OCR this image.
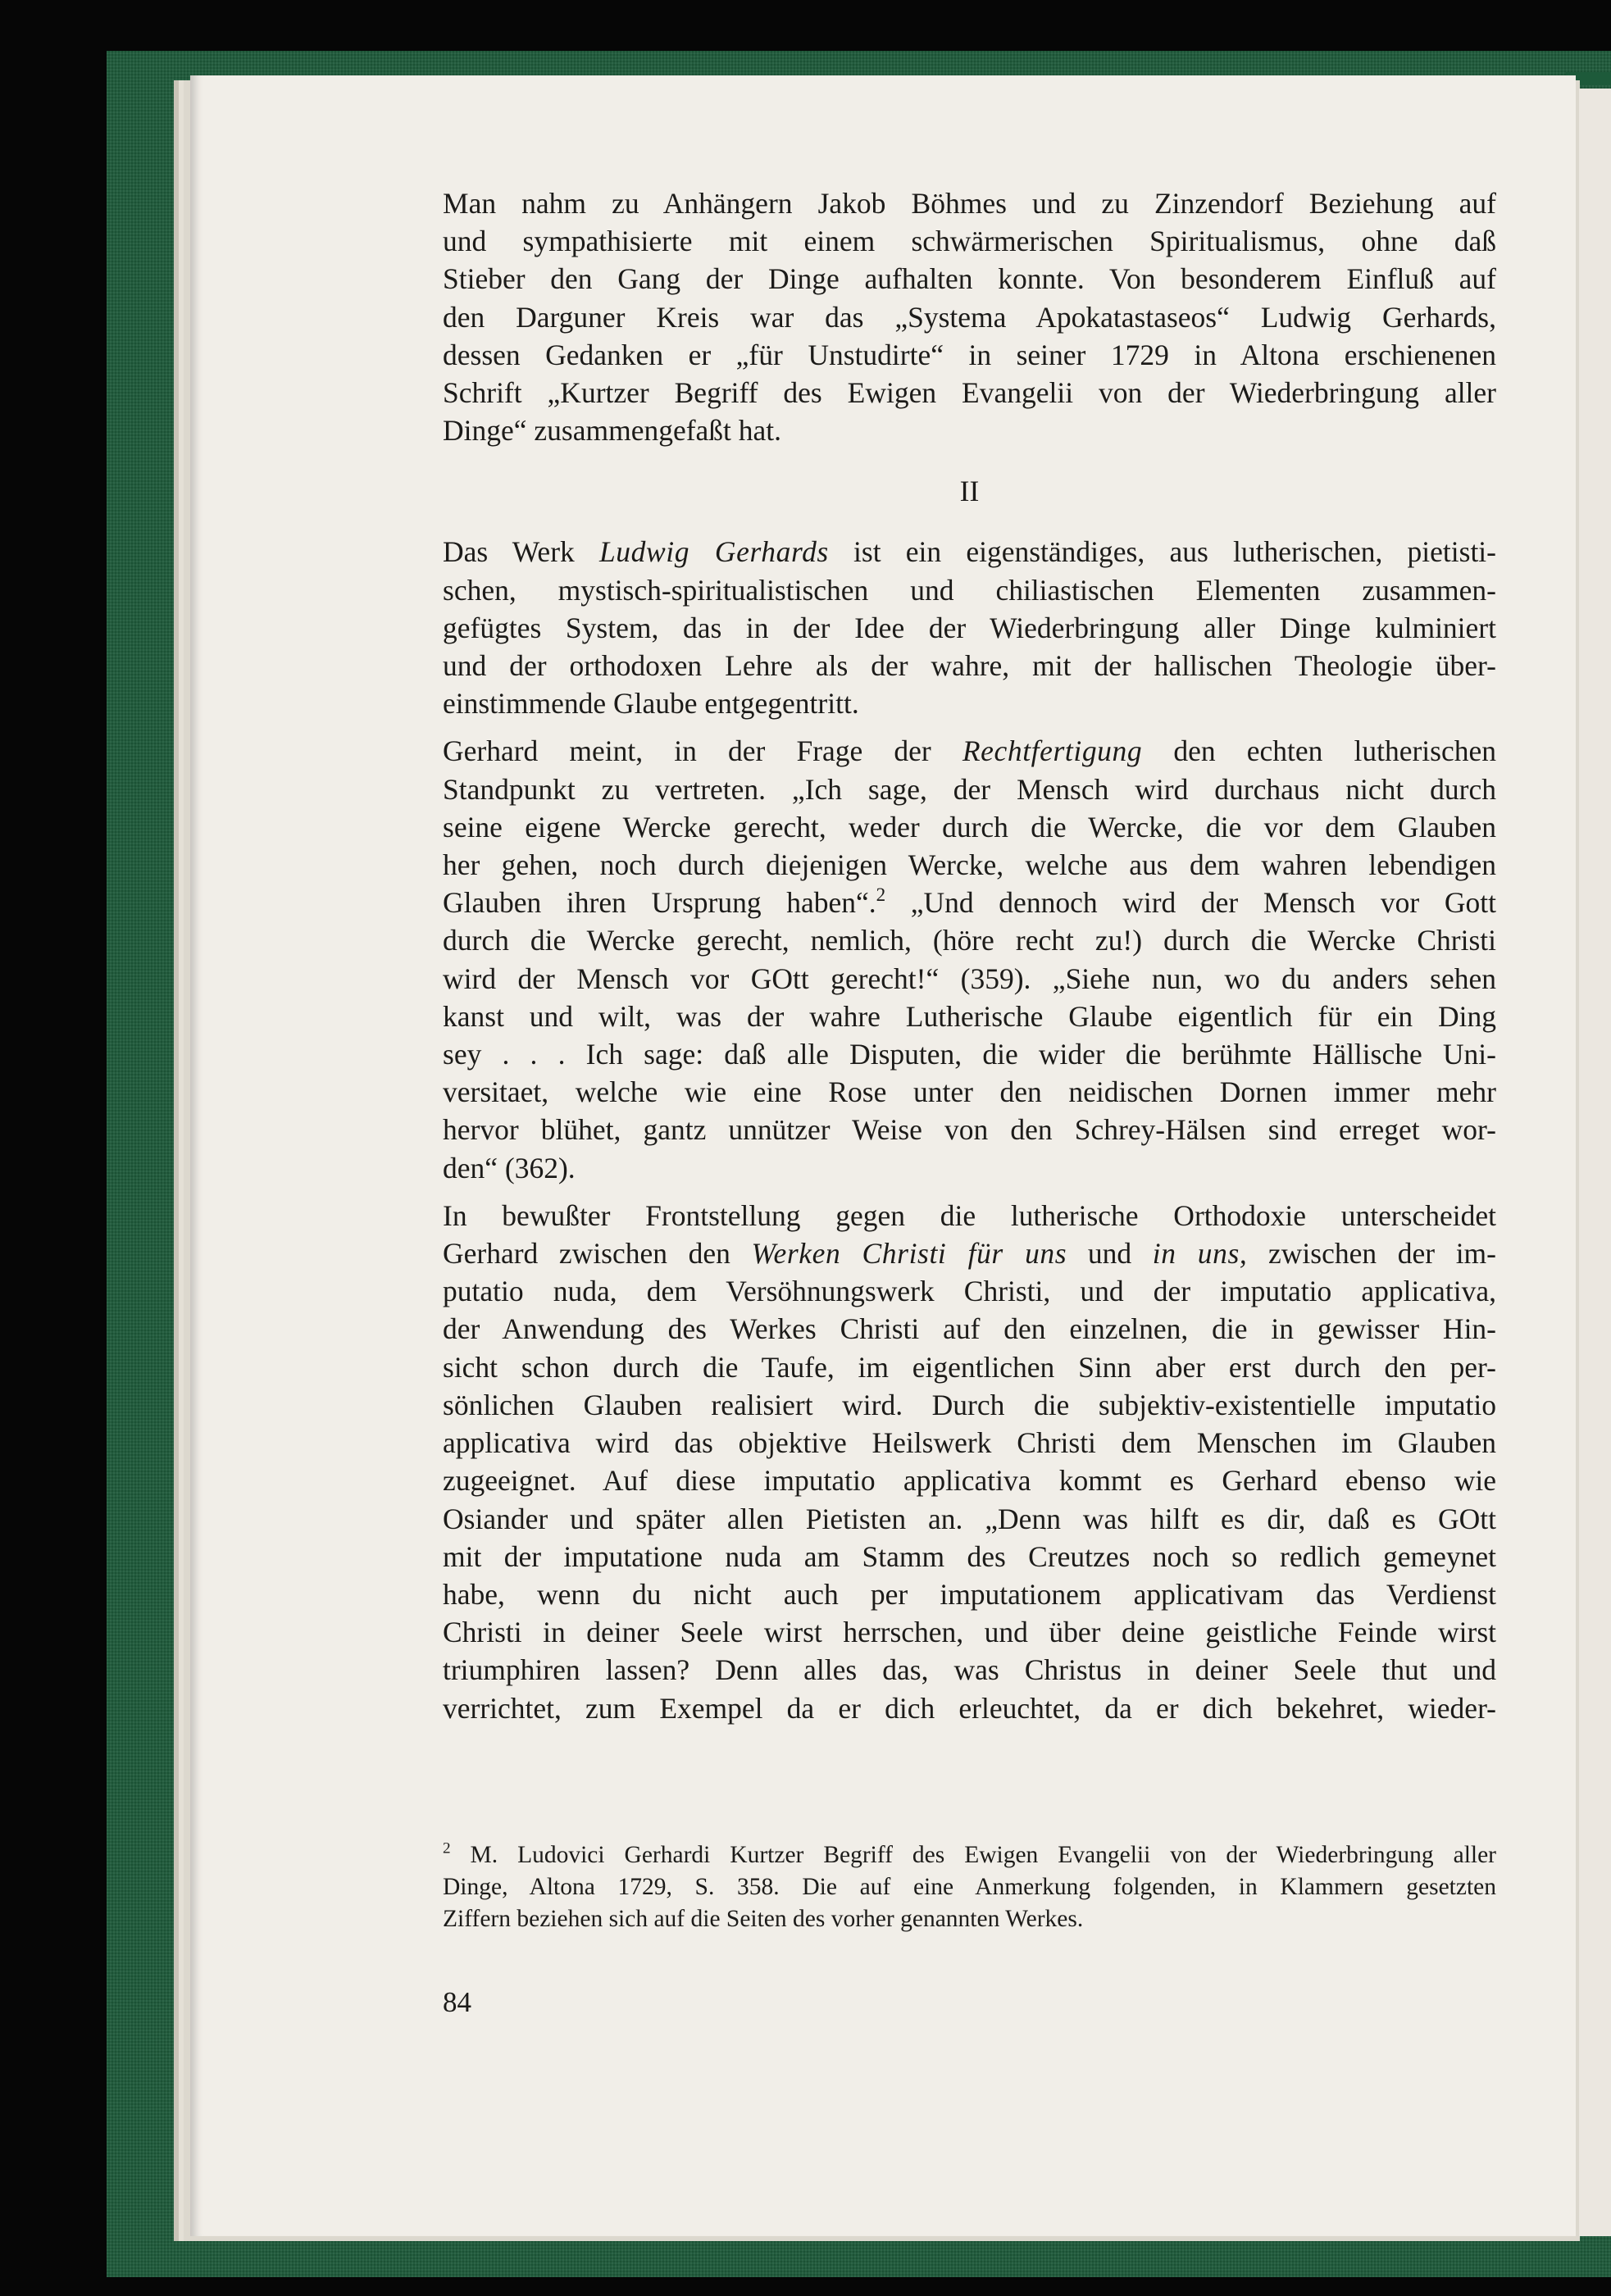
Man nahm zu Anhängern Jakob Böhmes und zu Zinzendorf Beziehung auf
und sympathisierte mit einem schwärmerischen Spiritualismus, ohne daß
Stieber den Gang der Dinge aufhalten konnte. Von besonderem Einfluß auf
den Darguner Kreis war das „Systema Apokatastaseos“ Ludwig Gerhards,
dessen Gedanken er „für Unstudirte“ in seiner 1729 in Altona erschienenen
Schrift „Kurtzer Begriff des Ewigen Evangelii von der Wiederbringung aller
Dinge“ zusammengefaßt hat.

II

Das Werk Ludwig Gerhards ist ein eigenständiges, aus lutherischen, pietisti-
schen, mystisch-spiritualistischen und chiliastischen Elementen zusammen-
gefügtes System, das in der Idee der Wiederbringung aller Dinge kulminiert
und der orthodoxen Lehre als der wahre, mit der hallischen Theologie über-
einstimmende Glaube entgegentritt.

Gerhard meint, in der Frage der Rechtfertigung den echten lutherischen
Standpunkt zu vertreten. „Ich sage, der Mensch wird durchaus nicht durch
seine eigene Wercke gerecht, weder durch die Wercke, die vor dem Glauben
her gehen, noch durch diejenigen Wercke, welche aus dem wahren lebendigen
Glauben ihren Ursprung haben“.$^2$ „Und dennoch wird der Mensch vor Gott
durch die Wercke gerecht, nemlich, (höre recht zu!) durch die Wercke Christi
wird der Mensch vor GOtt gerecht!“ (359). „Siehe nun, wo du anders sehen
kanst und wilt, was der wahre Lutherische Glaube eigentlich für ein Ding
sey . . . Ich sage: daß alle Disputen, die wider die berühmte Hällische Uni-
versitaet, welche wie eine Rose unter den neidischen Dornen immer mehr
hervor blühet, gantz unnützer Weise von den Schrey-Hälsen sind erreget wor-
den“ (362).

In bewußter Frontstellung gegen die lutherische Orthodoxie unterscheidet
Gerhard zwischen den Werken Christi für uns und in uns, zwischen der im-
putatio nuda, dem Versöhnungswerk Christi, und der imputatio applicativa,
der Anwendung des Werkes Christi auf den einzelnen, die in gewisser Hin-
sicht schon durch die Taufe, im eigentlichen Sinn aber erst durch den per-
sönlichen Glauben realisiert wird. Durch die subjektiv-existentielle imputatio
applicativa wird das objektive Heilswerk Christi dem Menschen im Glauben
zugeeignet. Auf diese imputatio applicativa kommt es Gerhard ebenso wie
Osiander und später allen Pietisten an. „Denn was hilft es dir, daß es GOtt
mit der imputatione nuda am Stamm des Creutzes noch so redlich gemeynet
habe, wenn du nicht auch per imputationem applicativam das Verdienst
Christi in deiner Seele wirst herrschen, und über deine geistliche Feinde wirst
triumphiren lassen? Denn alles das, was Christus in deiner Seele thut und
verrichtet, zum Exempel da er dich erleuchtet, da er dich bekehret, wieder-

$^2$ M. Ludovici Gerhardi Kurtzer Begriff des Ewigen Evangelii von der Wiederbringung aller
Dinge, Altona 1729, S. 358. Die auf eine Anmerkung folgenden, in Klammern gesetzten
Ziffern beziehen sich auf die Seiten des vorher genannten Werkes.
84
